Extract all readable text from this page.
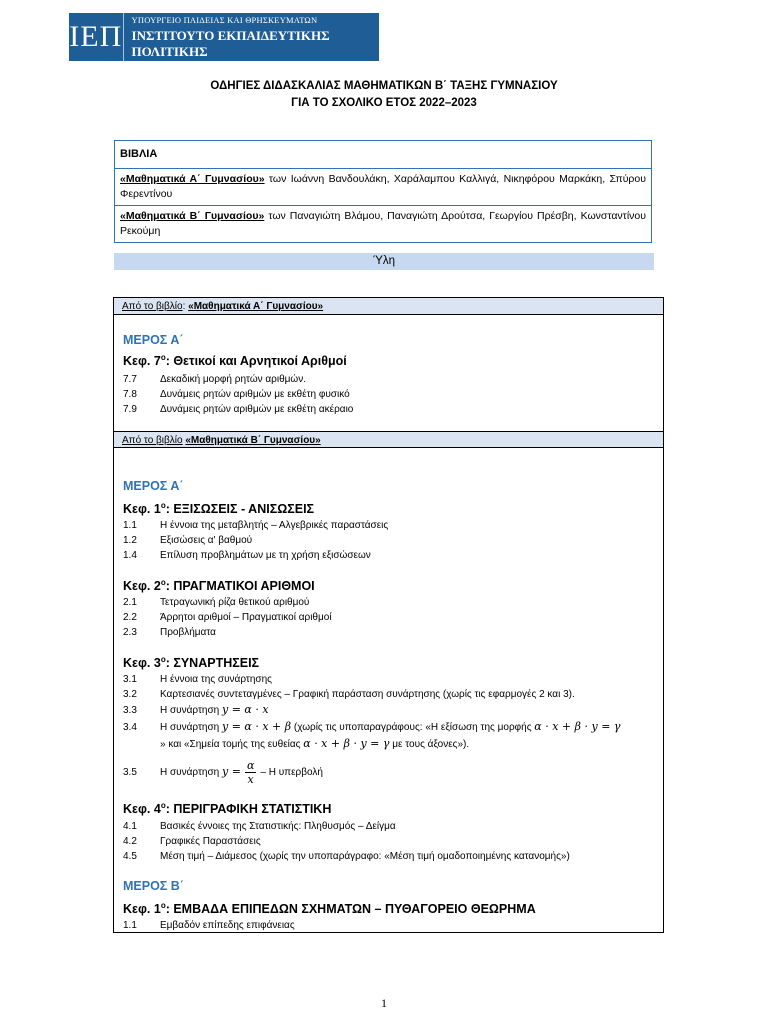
ΙΕΠ
ΥΠΟΥΡΓΕΙΟ ΠΑΙΔΕΙΑΣ ΚΑΙ ΘΡΗΣΚΕΥΜΑΤΩΝ
ΙΝΣΤΙΤΟΥΤΟ ΕΚΠΑΙΔΕΥΤΙΚΗΣ ΠΟΛΙΤΙΚΗΣ
ΟΔΗΓΙΕΣ ΔΙΔΑΣΚΑΛΙΑΣ ΜΑΘΗΜΑΤΙΚΩΝ Β΄ ΤΑΞΗΣ ΓΥΜΝΑΣΙΟΥ
ΓΙΑ ΤΟ ΣΧΟΛΙΚΟ ΕΤΟΣ 2022–2023
ΒΙΒΛΙΑ
«Μαθηματικά Α΄ Γυμνασίου» των Ιωάννη Βανδουλάκη, Χαράλαμπου Καλλιγά, Νικηφόρου Μαρκάκη, Σπύρου Φερεντίνου
«Μαθηματικά Β΄ Γυμνασίου» των Παναγιώτη Βλάμου, Παναγιώτη Δρούτσα, Γεωργίου Πρέσβη, Κωνσταντίνου Ρεκούμη
Ύλη
Από το βιβλίο: «Μαθηματικά Α΄ Γυμνασίου»
ΜΕΡΟΣ Α΄
Κεφ. $7^o$: Θετικοί και Αρνητικοί Αριθμοί
7.7 Δεκαδική μορφή ρητών αριθμών.
7.8 Δυνάμεις ρητών αριθμών με εκθέτη φυσικό
7.9 Δυνάμεις ρητών αριθμών με εκθέτη ακέραιο
Από το βιβλίο «Μαθηματικά Β΄ Γυμνασίου»
ΜΕΡΟΣ Α΄
Κεφ. $1^o$: ΕΞΙΣΩΣΕΙΣ - ΑΝΙΣΩΣΕΙΣ
1.1 Η έννοια της μεταβλητής – Αλγεβρικές παραστάσεις
1.2 Εξισώσεις α' βαθμού
1.4 Επίλυση προβλημάτων με τη χρήση εξισώσεων
Κεφ. $2^o$: ΠΡΑΓΜΑΤΙΚΟΙ ΑΡΙΘΜΟΙ
2.1 Τετραγωνική ρίζα θετικού αριθμού
2.2 Άρρητοι αριθμοί – Πραγματικοί αριθμοί
2.3 Προβλήματα
Κεφ. $3^o$: ΣΥΝΑΡΤΗΣΕΙΣ
3.1 Η έννοια της συνάρτησης
3.2 Καρτεσιανές συντεταγμένες – Γραφική παράσταση συνάρτησης (χωρίς τις εφαρμογές 2 και 3).
3.3 Η συνάρτηση y = α · x
3.4 Η συνάρτηση y = α · x + β (χωρίς τις υποπαραγράφους: «Η εξίσωση της μορφής α · x + β · y = γ
» και «Σημεία τομής της ευθείας α · x + β · y = γ με τους άξονες»).
3.5 Η συνάρτηση $y = \frac{\alpha}{x} - H$ υπερβολή
Κεφ. $4^o$: ΠΕΡΙΓΡΑΦΙΚΗ ΣΤΑΤΙΣΤΙΚΗ
4.1 Βασικές έννοιες της Στατιστικής: Πληθυσμός – Δείγμα
4.2 Γραφικές Παραστάσεις
4.5 Μέση τιμή – Διάμεσος (χωρίς την υποπαράγραφο: «Μέση τιμή ομαδοποιημένης κατανομής»)
ΜΕΡΟΣ Β΄
Κεφ. $1^o$: ΕΜΒΑΔΑ ΕΠΙΠΕΔΩΝ ΣΧΗΜΑΤΩΝ – ΠΥΘΑΓΟΡΕΙΟ ΘΕΩΡΗΜΑ
1.1 Εμβαδόν επίπεδης επιφάνειας
1
